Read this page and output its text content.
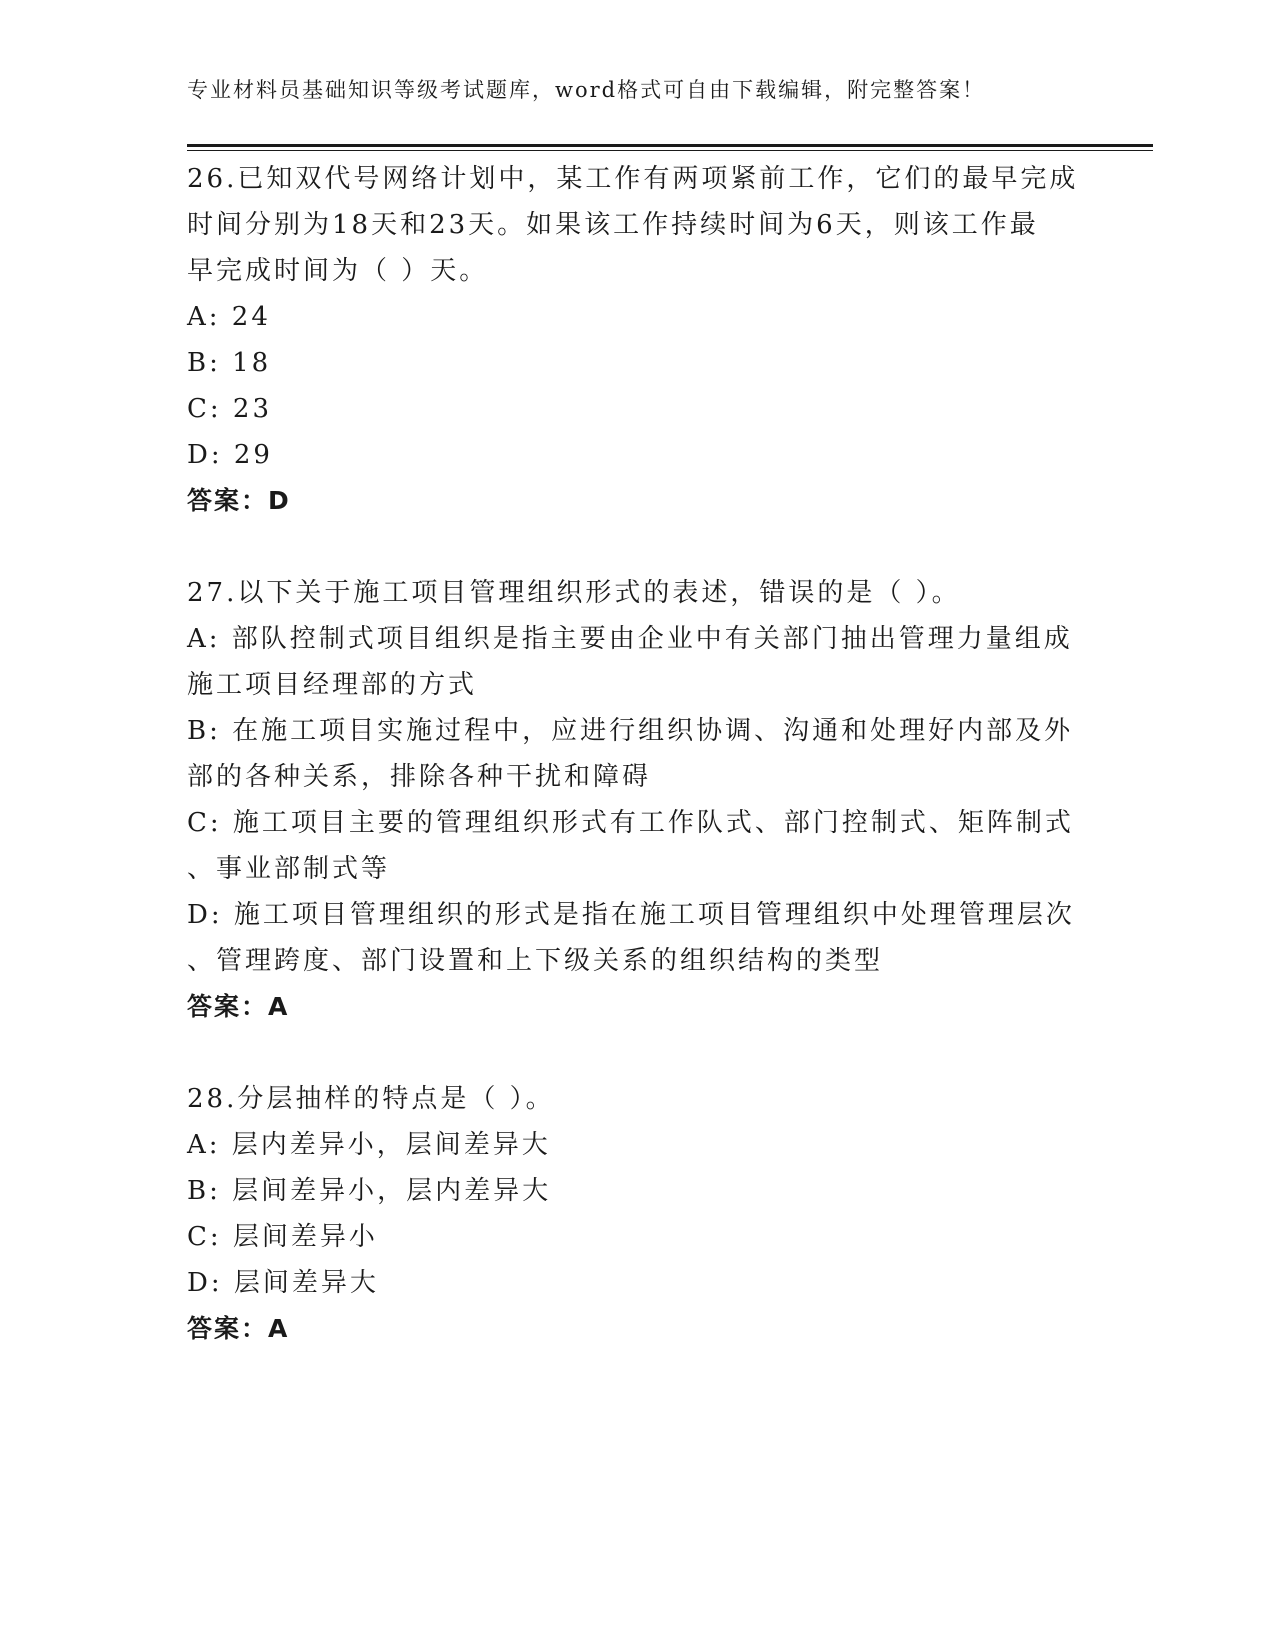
专业材料员基础知识等级考试题库，word格式可自由下载编辑，附完整答案！
26.已知双代号网络计划中，某工作有两项紧前工作，它们的最早完成
时间分别为18天和23天。如果该工作持续时间为6天，则该工作最
早完成时间为（ ）天。
A: 24
B: 18
C: 23
D: 29
答案：D
27.以下关于施工项目管理组织形式的表述，错误的是（ ）。
A: 部队控制式项目组织是指主要由企业中有关部门抽出管理力量组成
施工项目经理部的方式
B: 在施工项目实施过程中，应进行组织协调、沟通和处理好内部及外
部的各种关系，排除各种干扰和障碍
C: 施工项目主要的管理组织形式有工作队式、部门控制式、矩阵制式
、事业部制式等
D: 施工项目管理组织的形式是指在施工项目管理组织中处理管理层次
、管理跨度、部门设置和上下级关系的组织结构的类型
答案：A
28.分层抽样的特点是（ ）。
A: 层内差异小，层间差异大
B: 层间差异小，层内差异大
C: 层间差异小
D: 层间差异大
答案：A
